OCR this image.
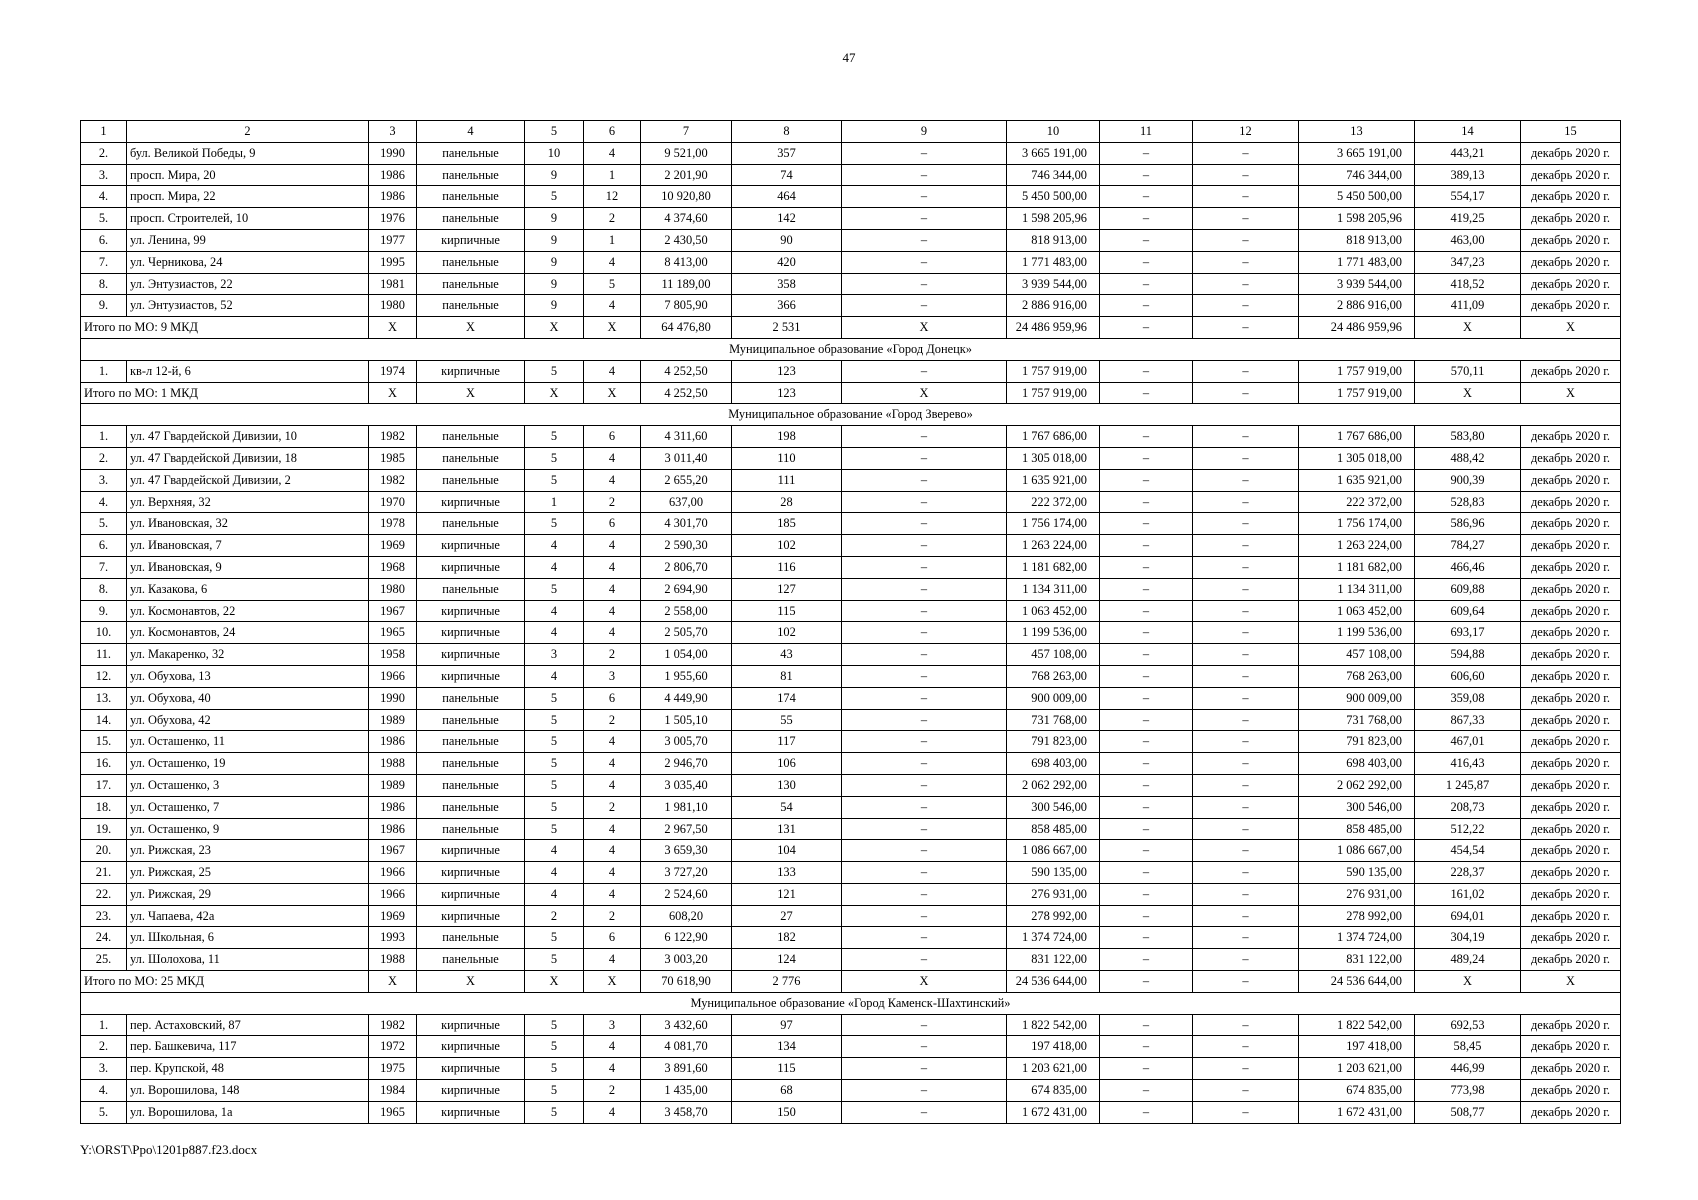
47
1	2	3	4	5	6	7	8	9	10	11	12	13	14	15
2.	бул. Великой Победы, 9	1990	панельные	10	4	9 521,00	357	–	3 665 191,00	–	–	3 665 191,00	443,21	декабрь 2020 г.
3.	просп. Мира, 20	1986	панельные	9	1	2 201,90	74	–	746 344,00	–	–	746 344,00	389,13	декабрь 2020 г.
4.	просп. Мира, 22	1986	панельные	5	12	10 920,80	464	–	5 450 500,00	–	–	5 450 500,00	554,17	декабрь 2020 г.
5.	просп. Строителей, 10	1976	панельные	9	2	4 374,60	142	–	1 598 205,96	–	–	1 598 205,96	419,25	декабрь 2020 г.
6.	ул. Ленина, 99	1977	кирпичные	9	1	2 430,50	90	–	818 913,00	–	–	818 913,00	463,00	декабрь 2020 г.
7.	ул. Черникова, 24	1995	панельные	9	4	8 413,00	420	–	1 771 483,00	–	–	1 771 483,00	347,23	декабрь 2020 г.
8.	ул. Энтузиастов, 22	1981	панельные	9	5	11 189,00	358	–	3 939 544,00	–	–	3 939 544,00	418,52	декабрь 2020 г.
9.	ул. Энтузиастов, 52	1980	панельные	9	4	7 805,90	366	–	2 886 916,00	–	–	2 886 916,00	411,09	декабрь 2020 г.
Итого по МО: 9 МКД		Х	Х	Х	Х	64 476,80	2 531	Х	24 486 959,96	–	–	24 486 959,96	Х	Х
Муниципальное образование «Город Донецк»														
1.	кв-л 12-й, 6	1974	кирпичные	5	4	4 252,50	123	–	1 757 919,00	–	–	1 757 919,00	570,11	декабрь 2020 г.
Итого по МО: 1 МКД		Х	Х	Х	Х	4 252,50	123	Х	1 757 919,00	–	–	1 757 919,00	Х	Х
Муниципальное образование «Город Зверево»														
1.	ул. 47 Гвардейской Дивизии, 10	1982	панельные	5	6	4 311,60	198	–	1 767 686,00	–	–	1 767 686,00	583,80	декабрь 2020 г.
2.	ул. 47 Гвардейской Дивизии, 18	1985	панельные	5	4	3 011,40	110	–	1 305 018,00	–	–	1 305 018,00	488,42	декабрь 2020 г.
3.	ул. 47 Гвардейской Дивизии, 2	1982	панельные	5	4	2 655,20	111	–	1 635 921,00	–	–	1 635 921,00	900,39	декабрь 2020 г.
4.	ул. Верхняя, 32	1970	кирпичные	1	2	637,00	28	–	222 372,00	–	–	222 372,00	528,83	декабрь 2020 г.
5.	ул. Ивановская, 32	1978	панельные	5	6	4 301,70	185	–	1 756 174,00	–	–	1 756 174,00	586,96	декабрь 2020 г.
6.	ул. Ивановская, 7	1969	кирпичные	4	4	2 590,30	102	–	1 263 224,00	–	–	1 263 224,00	784,27	декабрь 2020 г.
7.	ул. Ивановская, 9	1968	кирпичные	4	4	2 806,70	116	–	1 181 682,00	–	–	1 181 682,00	466,46	декабрь 2020 г.
8.	ул. Казакова, 6	1980	панельные	5	4	2 694,90	127	–	1 134 311,00	–	–	1 134 311,00	609,88	декабрь 2020 г.
9.	ул. Космонавтов, 22	1967	кирпичные	4	4	2 558,00	115	–	1 063 452,00	–	–	1 063 452,00	609,64	декабрь 2020 г.
10.	ул. Космонавтов, 24	1965	кирпичные	4	4	2 505,70	102	–	1 199 536,00	–	–	1 199 536,00	693,17	декабрь 2020 г.
11.	ул. Макаренко, 32	1958	кирпичные	3	2	1 054,00	43	–	457 108,00	–	–	457 108,00	594,88	декабрь 2020 г.
12.	ул. Обухова, 13	1966	кирпичные	4	3	1 955,60	81	–	768 263,00	–	–	768 263,00	606,60	декабрь 2020 г.
13.	ул. Обухова, 40	1990	панельные	5	6	4 449,90	174	–	900 009,00	–	–	900 009,00	359,08	декабрь 2020 г.
14.	ул. Обухова, 42	1989	панельные	5	2	1 505,10	55	–	731 768,00	–	–	731 768,00	867,33	декабрь 2020 г.
15.	ул. Осташенко, 11	1986	панельные	5	4	3 005,70	117	–	791 823,00	–	–	791 823,00	467,01	декабрь 2020 г.
16.	ул. Осташенко, 19	1988	панельные	5	4	2 946,70	106	–	698 403,00	–	–	698 403,00	416,43	декабрь 2020 г.
17.	ул. Осташенко, 3	1989	панельные	5	4	3 035,40	130	–	2 062 292,00	–	–	2 062 292,00	1 245,87	декабрь 2020 г.
18.	ул. Осташенко, 7	1986	панельные	5	2	1 981,10	54	–	300 546,00	–	–	300 546,00	208,73	декабрь 2020 г.
19.	ул. Осташенко, 9	1986	панельные	5	4	2 967,50	131	–	858 485,00	–	–	858 485,00	512,22	декабрь 2020 г.
20.	ул. Рижская, 23	1967	кирпичные	4	4	3 659,30	104	–	1 086 667,00	–	–	1 086 667,00	454,54	декабрь 2020 г.
21.	ул. Рижская, 25	1966	кирпичные	4	4	3 727,20	133	–	590 135,00	–	–	590 135,00	228,37	декабрь 2020 г.
22.	ул. Рижская, 29	1966	кирпичные	4	4	2 524,60	121	–	276 931,00	–	–	276 931,00	161,02	декабрь 2020 г.
23.	ул. Чапаева, 42а	1969	кирпичные	2	2	608,20	27	–	278 992,00	–	–	278 992,00	694,01	декабрь 2020 г.
24.	ул. Школьная, 6	1993	панельные	5	6	6 122,90	182	–	1 374 724,00	–	–	1 374 724,00	304,19	декабрь 2020 г.
25.	ул. Шолохова, 11	1988	панельные	5	4	3 003,20	124	–	831 122,00	–	–	831 122,00	489,24	декабрь 2020 г.
Итого по МО: 25 МКД		Х	Х	Х	Х	70 618,90	2 776	Х	24 536 644,00	–	–	24 536 644,00	Х	Х
Муниципальное образование «Город Каменск-Шахтинский»														
1.	пер. Астаховский, 87	1982	кирпичные	5	3	3 432,60	97	–	1 822 542,00	–	–	1 822 542,00	692,53	декабрь 2020 г.
2.	пер. Башкевича, 117	1972	кирпичные	5	4	4 081,70	134	–	197 418,00	–	–	197 418,00	58,45	декабрь 2020 г.
3.	пер. Крупской, 48	1975	кирпичные	5	4	3 891,60	115	–	1 203 621,00	–	–	1 203 621,00	446,99	декабрь 2020 г.
4.	ул. Ворошилова, 148	1984	кирпичные	5	2	1 435,00	68	–	674 835,00	–	–	674 835,00	773,98	декабрь 2020 г.
5.	ул. Ворошилова, 1а	1965	кирпичные	5	4	3 458,70	150	–	1 672 431,00	–	–	1 672 431,00	508,77	декабрь 2020 г.
Y:\ORST\Ppo\1201p887.f23.docx
